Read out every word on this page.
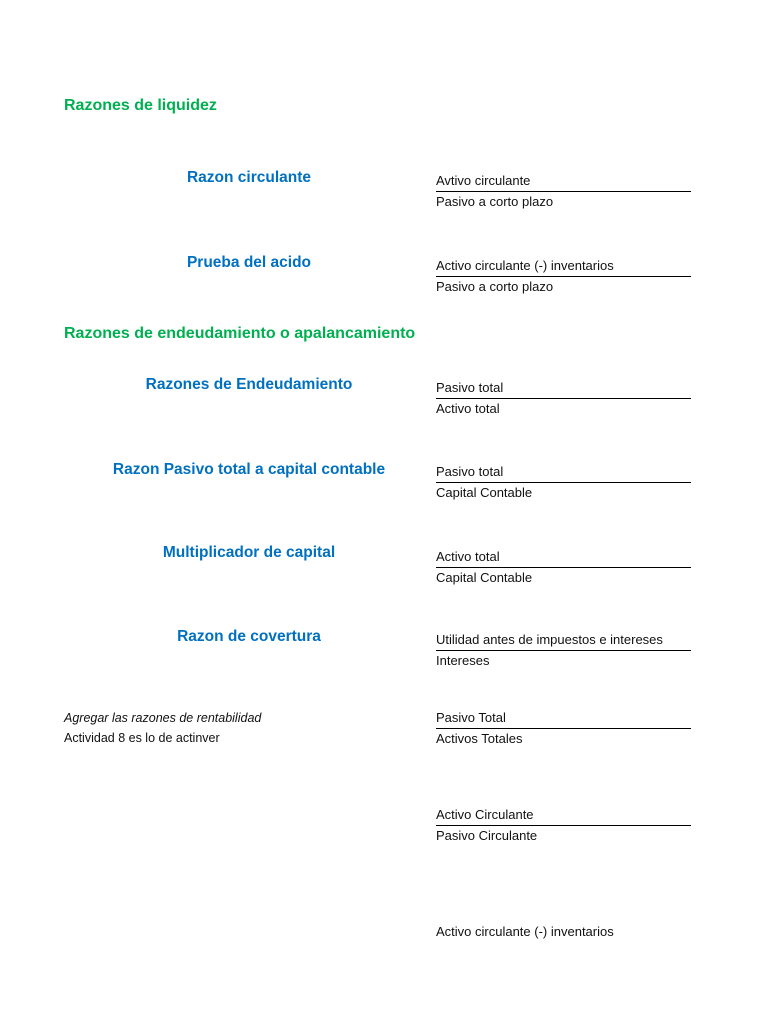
Razones de liquidez
Razon circulante	Avtivo circulante
Pasivo a corto plazo
Prueba del acido	Activo circulante (-) inventarios
Pasivo a corto plazo
Razones de endeudamiento o apalancamiento
Razones de Endeudamiento	Pasivo total
Activo total
Razon Pasivo total a capital contable	Pasivo total
Capital Contable
Multiplicador de capital	Activo total
Capital Contable
Razon de covertura	Utilidad antes de impuestos e intereses
Intereses
Agregar las razones de rentabilidad
Actividad 8 es lo de actinver
Pasivo Total
Activos Totales
Activo Circulante
Pasivo Circulante
Activo circulante (-) inventarios
